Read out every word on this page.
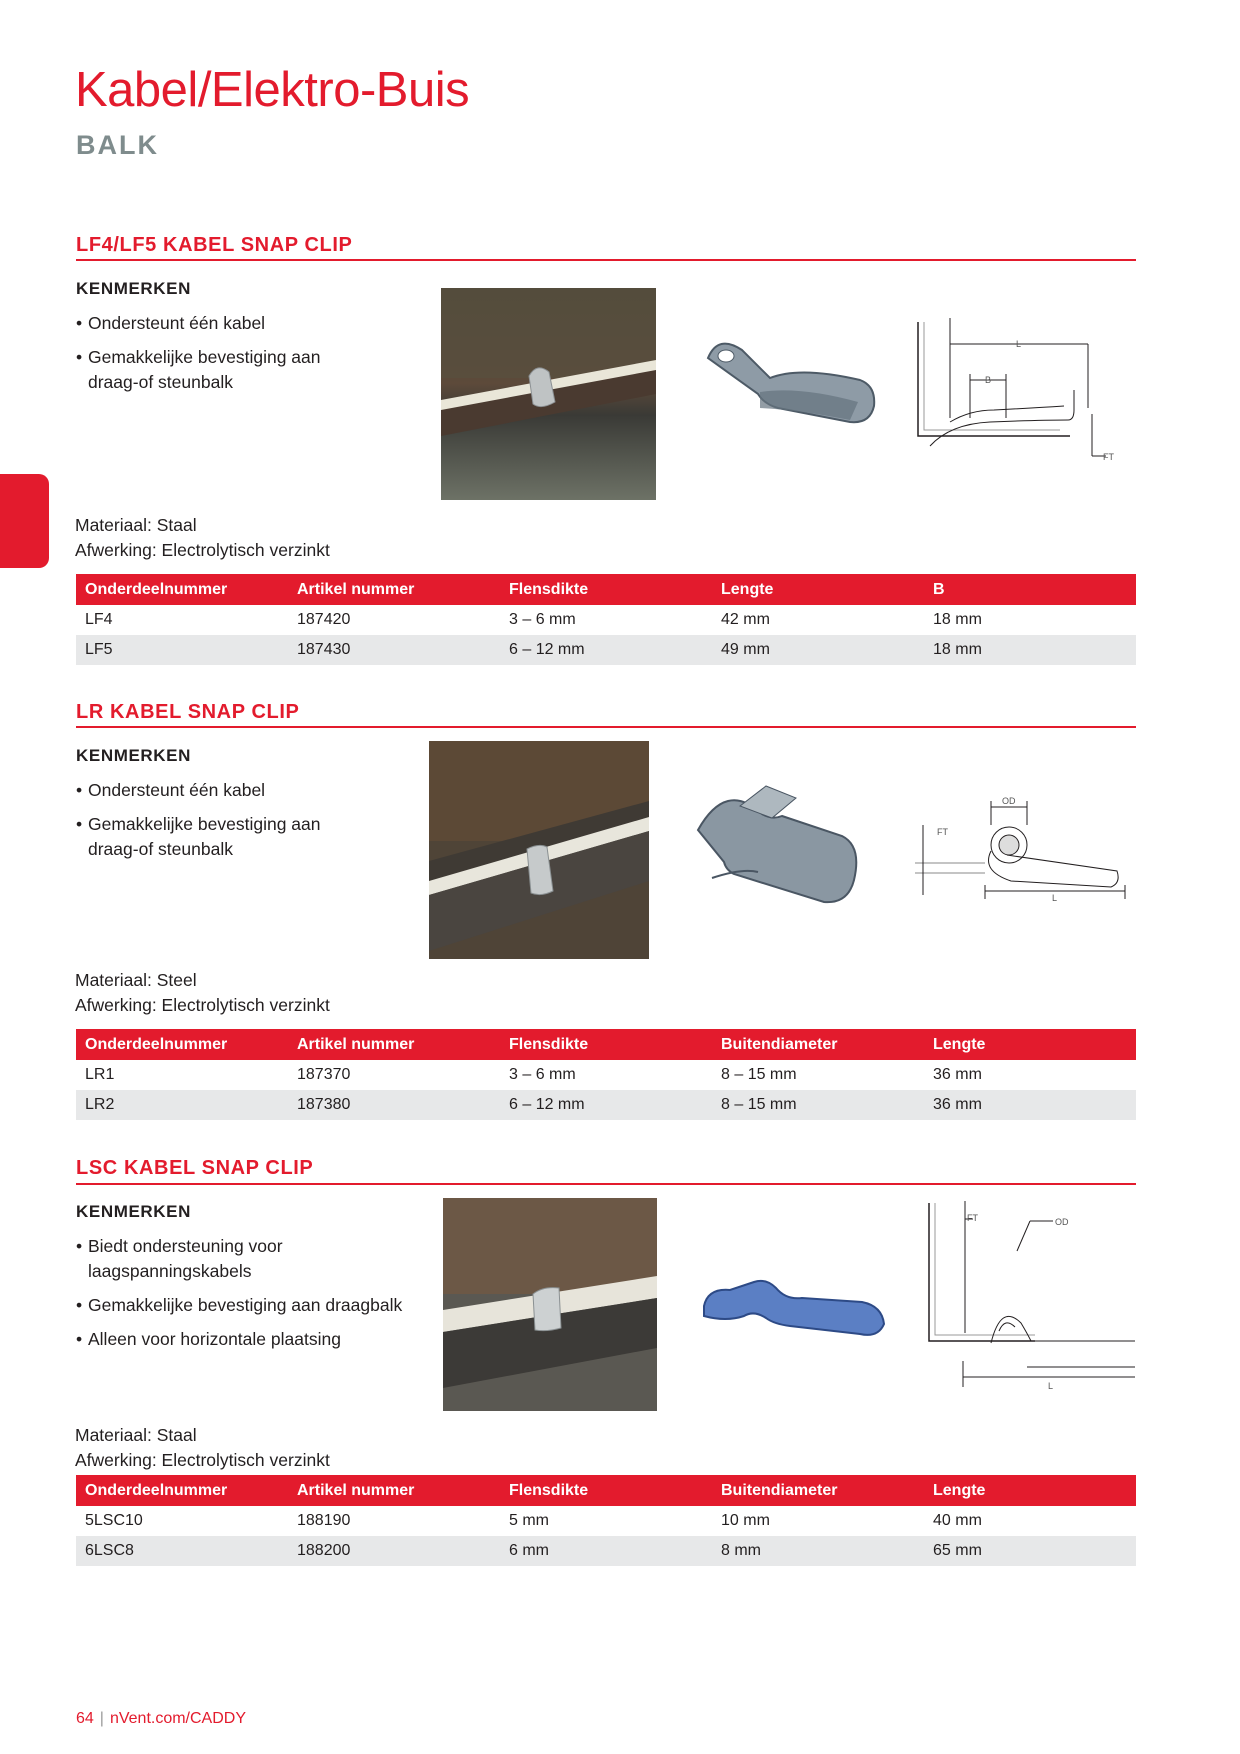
Kabel/Elektro-Buis
BALK
LF4/LF5 KABEL SNAP CLIP
KENMERKEN
• Ondersteunt één kabel
• Gemakkelijke bevestiging aan draag-of steunbalk
L
B
FT
Materiaal: Staal
Afwerking: Electrolytisch verzinkt
Onderdeelnummer	Artikel nummer	Flensdikte	Lengte	B
LF4	187420	3 – 6 mm	42 mm	18 mm
LF5	187430	6 – 12 mm	49 mm	18 mm
LR KABEL SNAP CLIP
KENMERKEN
• Ondersteunt één kabel
• Gemakkelijke bevestiging aan draag-of steunbalk
OD
FT
L
Materiaal: Steel
Afwerking: Electrolytisch verzinkt
Onderdeelnummer	Artikel nummer	Flensdikte	Buitendiameter	Lengte
LR1	187370	3 – 6 mm	8 – 15 mm	36 mm
LR2	187380	6 – 12 mm	8 – 15 mm	36 mm
LSC KABEL SNAP CLIP
KENMERKEN
• Biedt ondersteuning voor laagspanningskabels
• Gemakkelijke bevestiging aan draagbalk
• Alleen voor horizontale plaatsing
FT	OD
L
Materiaal: Staal
Afwerking: Electrolytisch verzinkt
Onderdeelnummer	Artikel nummer	Flensdikte	Buitendiameter	Lengte
5LSC10	188190	5 mm	10 mm	40 mm
6LSC8	188200	6 mm	8 mm	65 mm
64 | nVent.com/CADDY
